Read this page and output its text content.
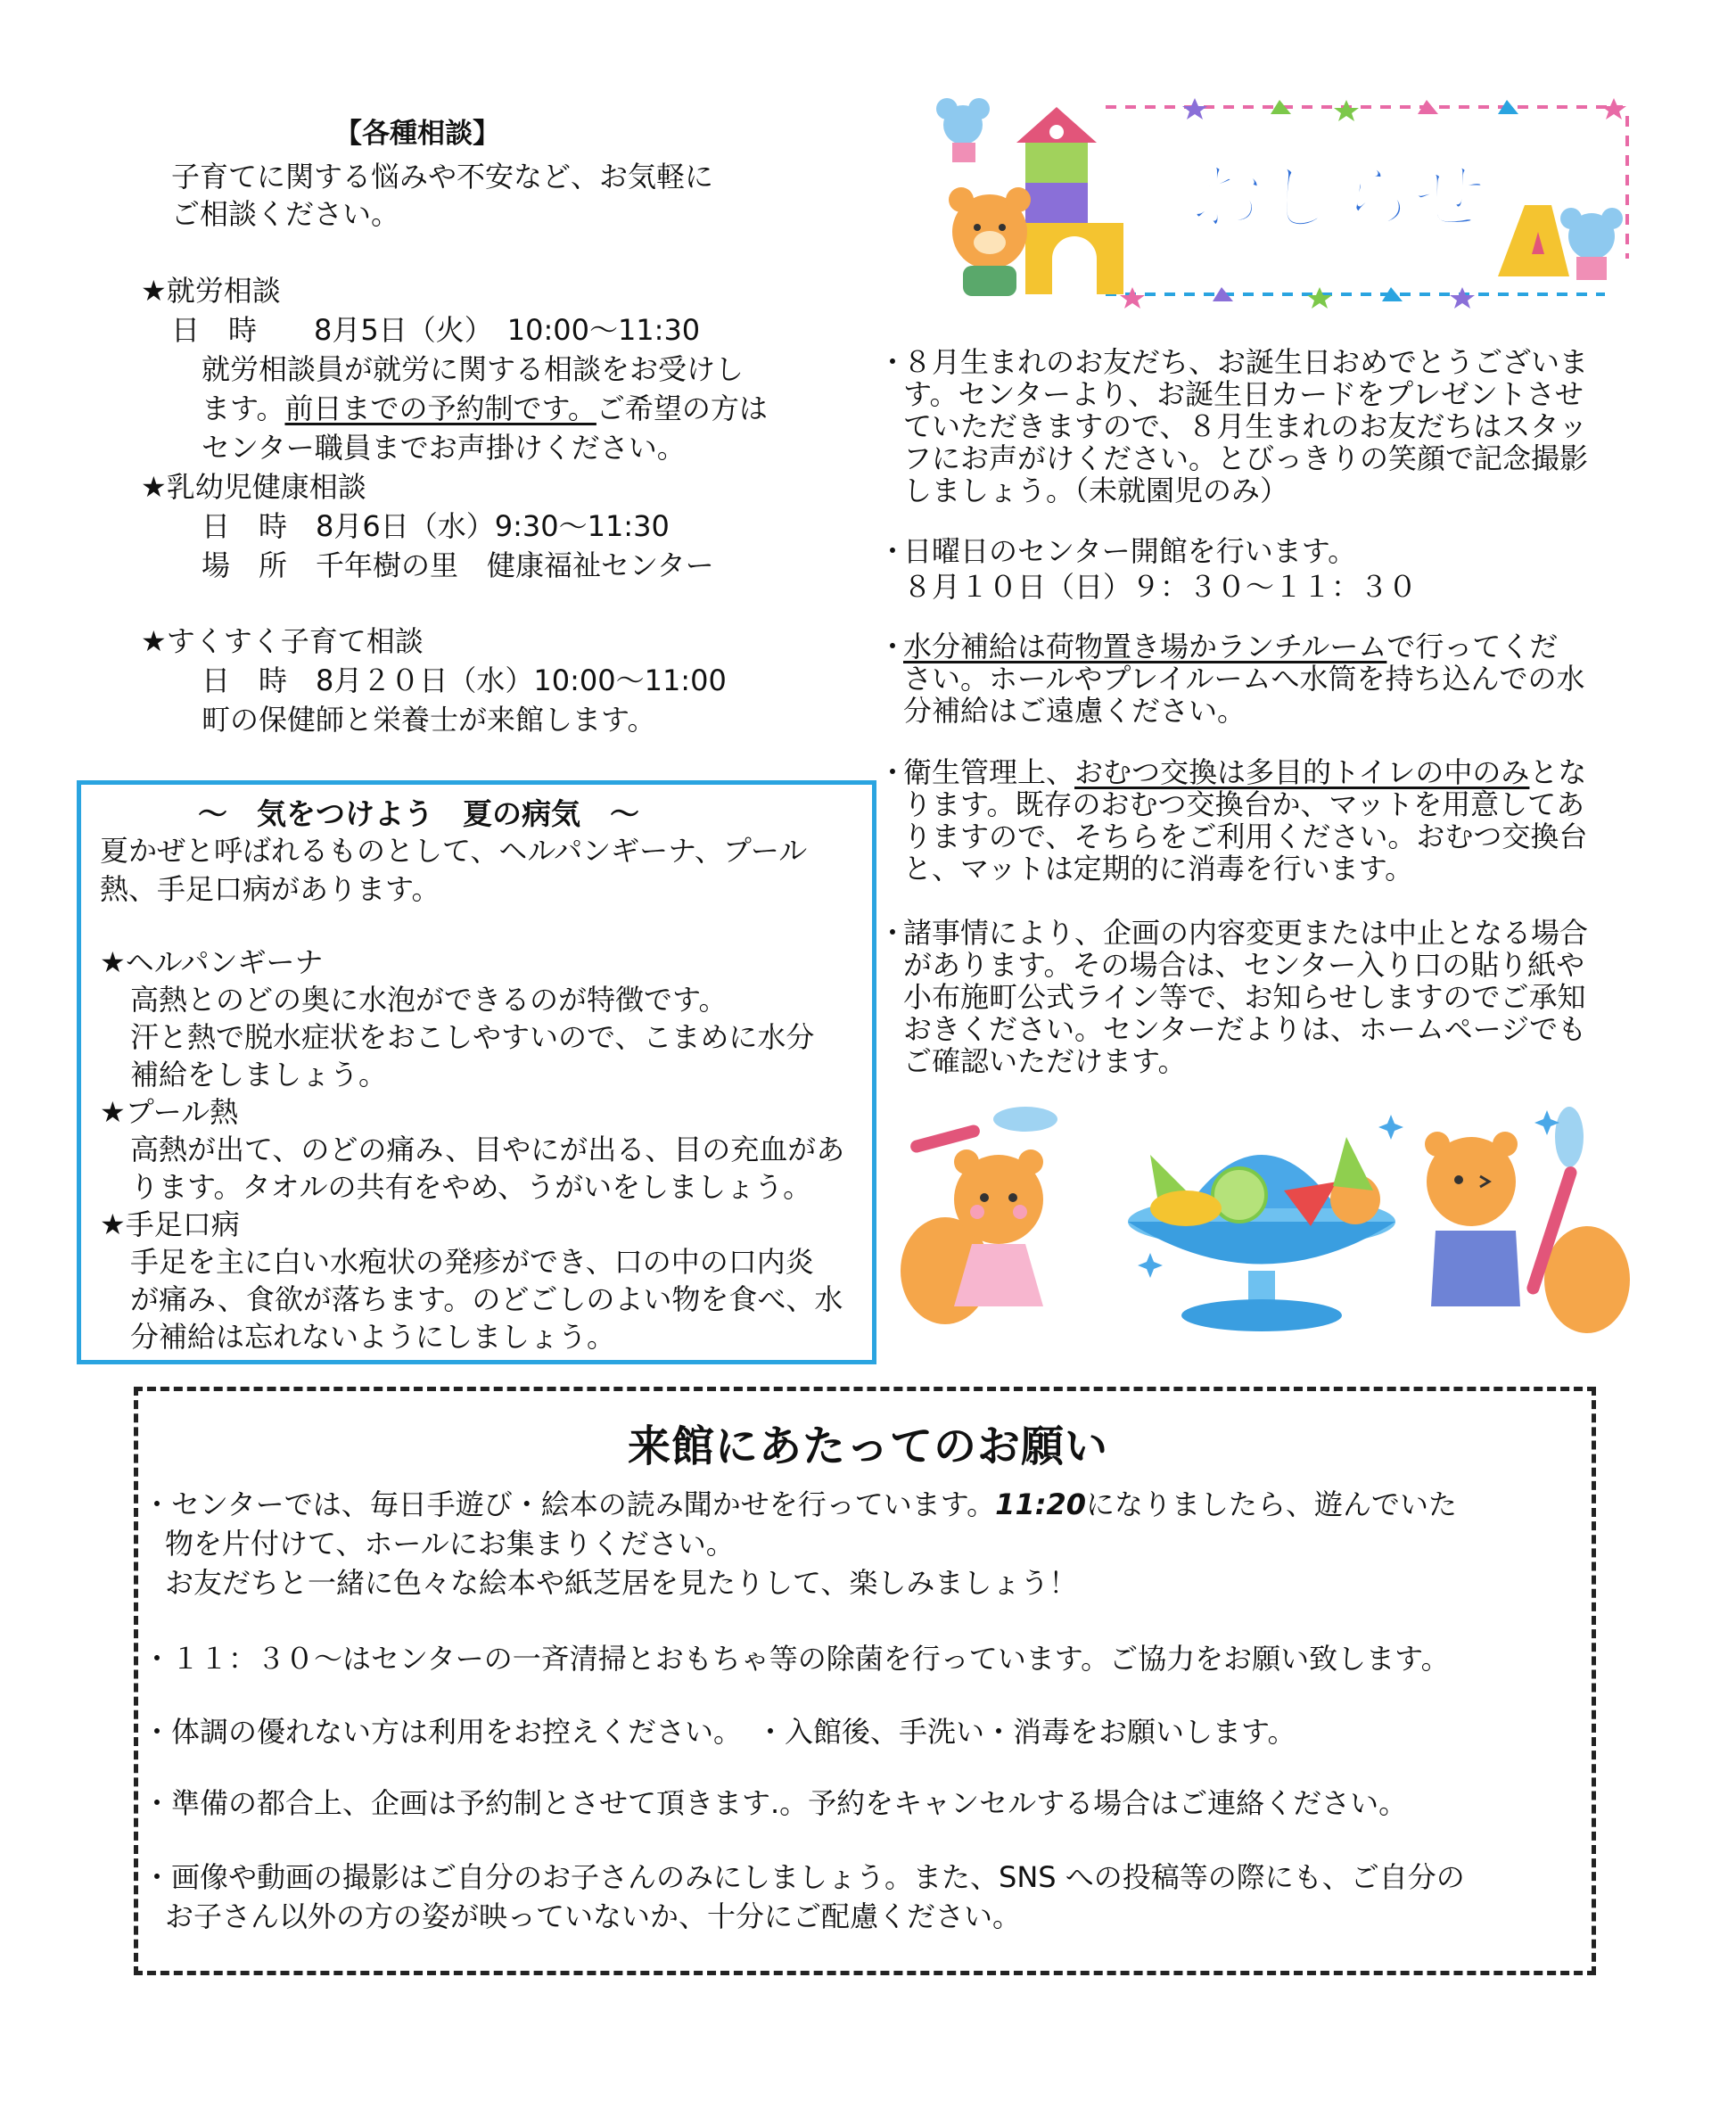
【各種相談】
子育てに関する悩みや不安など、お気軽に
ご相談ください。
★就労相談
日　時　　8月5日（火）　10:00～11:30
就労相談員が就労に関する相談をお受けし
ます。前日までの予約制です。ご希望の方は
センター職員までお声掛けください。
★乳幼児健康相談
日　時　8月6日（水）9:30～11:30
場　所　千年樹の里　健康福祉センター
★すくすく子育て相談
日　時　8月２０日（水）10:00～11:00
町の保健師と栄養士が来館します。
～　気をつけよう　夏の病気　～
夏かぜと呼ばれるものとして、ヘルパンギーナ、プール
熱、手足口病があります。
★ヘルパンギーナ
高熱とのどの奥に水泡ができるのが特徴です。
汗と熱で脱水症状をおこしやすいので、こまめに水分
補給をしましょう。
★プール熱
高熱が出て、のどの痛み、目やにが出る、目の充血があ
ります。タオルの共有をやめ、うがいをしましょう。
★手足口病
手足を主に白い水疱状の発疹ができ、口の中の口内炎
が痛み、食欲が落ちます。のどごしのよい物を食べ、水
分補給は忘れないようにしましょう。
おしらせ
・
８月生まれのお友だち、お誕生日おめでとうございま
す。センターより、お誕生日カードをプレゼントさせ
ていただきますので、８月生まれのお友だちはスタッ
フにお声がけください。とびっきりの笑顔で記念撮影
しましょう。（未就園児のみ）
・
日曜日のセンター開館を行います。
８月１０日（日）９：３０～１１：３０
・
水分補給は荷物置き場かランチルームで行ってくだ
さい。ホールやプレイルームへ水筒を持ち込んでの水
分補給はご遠慮ください。
・
衛生管理上、おむつ交換は多目的トイレの中のみとな
ります。既存のおむつ交換台か、マットを用意してあ
りますので、そちらをご利用ください。おむつ交換台
と、マットは定期的に消毒を行います。
・
諸事情により、企画の内容変更または中止となる場合
があります。その場合は、センター入り口の貼り紙や
小布施町公式ライン等で、お知らせしますのでご承知
おきください。センターだよりは、ホームページでも
ご確認いただけます。
来館にあたってのお願い
・センターでは、毎日手遊び・絵本の読み聞かせを行っています。11:20になりましたら、遊んでいた
物を片付けて、ホールにお集まりください。
お友だちと一緒に色々な絵本や紙芝居を見たりして、楽しみましょう！
・１１：３０～はセンターの一斉清掃とおもちゃ等の除菌を行っています。ご協力をお願い致します。
・体調の優れない方は利用をお控えください。　・入館後、手洗い・消毒をお願いします。
・準備の都合上、企画は予約制とさせて頂きます.。予約をキャンセルする場合はご連絡ください。
・画像や動画の撮影はご自分のお子さんのみにしましょう。また、SNS への投稿等の際にも、ご自分の
お子さん以外の方の姿が映っていないか、十分にご配慮ください。
